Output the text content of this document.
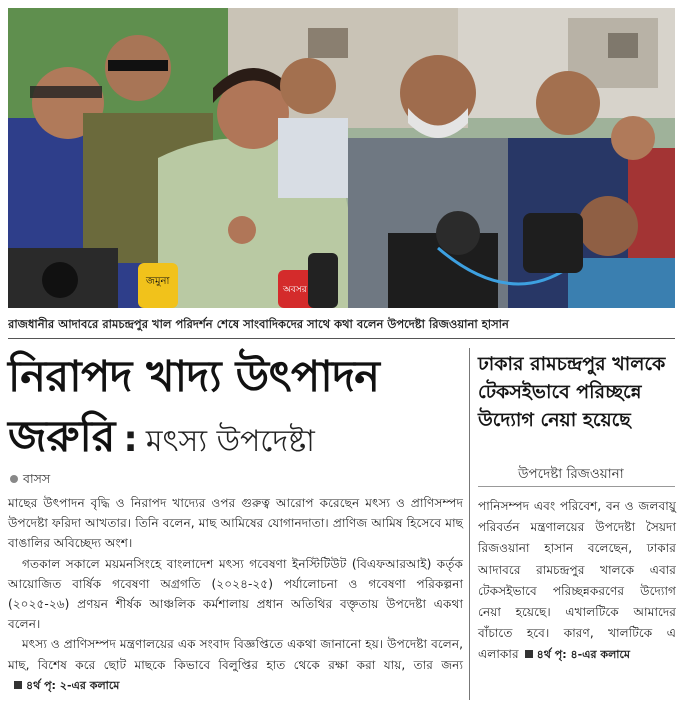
জমুনা
অবসর
রাজধানীর আদাবরে রামচন্দ্রপুর খাল পরিদর্শন শেষে সাংবাদিকদের সাথে কথা বলেন উপদেষ্টা রিজওয়ানা হাসান
নিরাপদ খাদ্য উৎপাদন
জরুরি : মৎস্য উপদেষ্টা
বাসস

মাছের উৎপাদন বৃদ্ধি ও নিরাপদ খাদ্যের ওপর গুরুত্ব আরোপ করেছেন মৎস্য ও প্রাণিসম্পদ উপদেষ্টা ফরিদা আখতার। তিনি বলেন, মাছ আমিষের যোগানদাতা। প্রাণিজ আমিষ হিসেবে মাছ বাঙালির অবিচ্ছেদ্য অংশ।

গতকাল সকালে ময়মনসিংহে বাংলাদেশ মৎস্য গবেষণা ইনস্টিটিউট (বিএফআরআই) কর্তৃক আয়োজিত বার্ষিক গবেষণা অগ্রগতি (২০২৪-২৫) পর্যালোচনা ও গবেষণা পরিকল্পনা (২০২৫-২৬) প্রণয়ন শীর্ষক আঞ্চলিক কর্মশালায় প্রধান অতিথির বক্তৃতায় উপদেষ্টা একথা বলেন।

মৎস্য ও প্রাণিসম্পদ মন্ত্রণালয়ের এক সংবাদ বিজ্ঞপ্তিতে একথা জানানো হয়। উপদেষ্টা বলেন, মাছ, বিশেষ করে ছোট মাছকে কিভাবে বিলুপ্তির হাত থেকে রক্ষা করা যায়, তার জন্য৪র্থ পৃ: ২-এর কলামে

ঢাকার রামচন্দ্রপুর খালকে টেকসইভাবে পরিচ্ছন্নে উদ্যোগ নেয়া হয়েছে
উপদেষ্টা রিজওয়ানা
পানিসম্পদ এবং পরিবেশ, বন ও জলবায়ু পরিবর্তন মন্ত্রণালয়ের উপদেষ্টা সৈয়দা রিজওয়ানা হাসান বলেছেন, ঢাকার আদাবরে রামচন্দ্রপুর খালকে এবার টেকসইভাবে পরিচ্ছন্নকরণের উদ্যোগ নেয়া হয়েছে। এখালটিকে আমাদের বাঁচাতে হবে। কারণ, খালটিকে এ এলাকার ৪র্থ পৃ: ৪-এর কলামে
